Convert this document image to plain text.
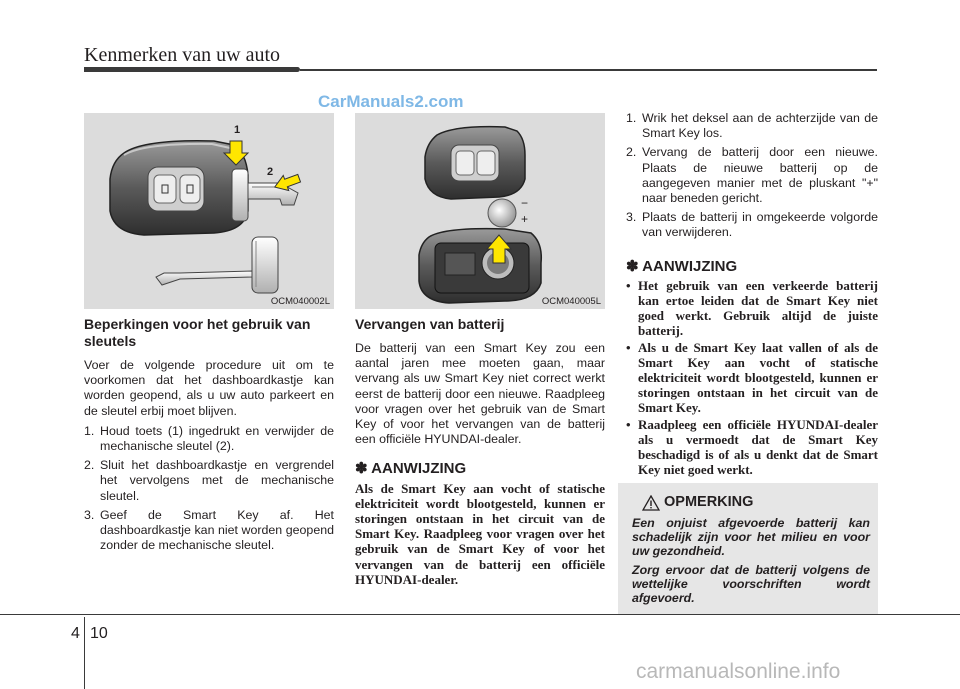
Kenmerken van uw auto
CarManuals2.com
1
2
OCM040002L
−
+
OCM040005L
Beperkingen voor het gebruik van sleutels

Voer de volgende procedure uit om te voorkomen dat het dashboardkastje kan worden geopend, als u uw auto parkeert en de sleutel erbij moet blijven.

1. Houd toets (1) ingedrukt en verwijder de mechanische sleutel (2).
2. Sluit het dashboardkastje en vergrendel het vervolgens met de mechanische sleutel.
3. Geef de Smart Key af. Het dashboardkastje kan niet worden geopend zonder de mechanische sleutel.
Vervangen van batterij

De batterij van een Smart Key zou een aantal jaren mee moeten gaan, maar vervang als uw Smart Key niet correct werkt eerst de batterij door een nieuwe. Raadpleeg voor vragen over het gebruik van de Smart Key of voor het vervangen van de batterij een officiële HYUNDAI-dealer.

✽ AANWIJZING
Als de Smart Key aan vocht of statische elektriciteit wordt blootgesteld, kunnen er storingen ontstaan in het circuit van de Smart Key. Raadpleeg voor vragen over het gebruik van de Smart Key of voor het vervangen van de batterij een officiële HYUNDAI-dealer.
1. Wrik het deksel aan de achterzijde van de Smart Key los.
2. Vervang de batterij door een nieuwe. Plaats de nieuwe batterij op de aangegeven manier met de pluskant "+" naar beneden gericht.
3. Plaats de batterij in omgekeerde volgorde van verwijderen.
✽ AANWIJZING
• Het gebruik van een verkeerde batterij kan ertoe leiden dat de Smart Key niet goed werkt. Gebruik altijd de juiste batterij.
• Als u de Smart Key laat vallen of als de Smart Key aan vocht of statische elektriciteit wordt blootgesteld, kunnen er storingen ontstaan in het circuit van de Smart Key.
• Raadpleeg een officiële HYUNDAI-dealer als u vermoedt dat de Smart Key beschadigd is of als u denkt dat de Smart Key niet goed werkt.
OPMERKING

Een onjuist afgevoerde batterij kan schadelijk zijn voor het milieu en voor uw gezondheid.

Zorg ervoor dat de batterij volgens de wettelijke voorschriften wordt afgevoerd.

4 10
carmanualsonline.info
